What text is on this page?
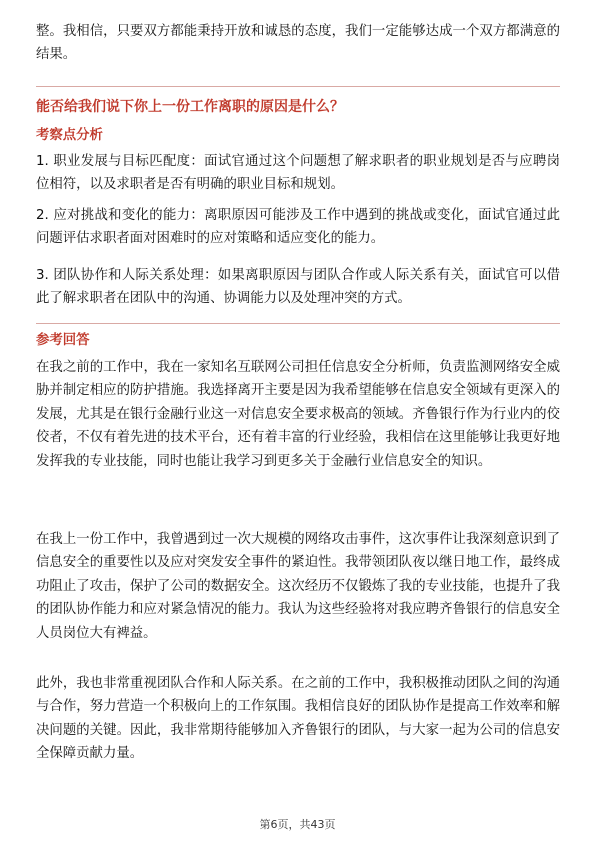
整。我相信，只要双方都能秉持开放和诚恳的态度，我们一定能够达成一个双方都满意的结果。

能否给我们说下你上一份工作离职的原因是什么？
考察点分析

1. 职业发展与目标匹配度：面试官通过这个问题想了解求职者的职业规划是否与应聘岗位相符，以及求职者是否有明确的职业目标和规划。

2. 应对挑战和变化的能力：离职原因可能涉及工作中遇到的挑战或变化，面试官通过此问题评估求职者面对困难时的应对策略和适应变化的能力。

3. 团队协作和人际关系处理：如果离职原因与团队合作或人际关系有关，面试官可以借此了解求职者在团队中的沟通、协调能力以及处理冲突的方式。

参考回答

在我之前的工作中，我在一家知名互联网公司担任信息安全分析师，负责监测网络安全威胁并制定相应的防护措施。我选择离开主要是因为我希望能够在信息安全领域有更深入的发展，尤其是在银行金融行业这一对信息安全要求极高的领域。齐鲁银行作为行业内的佼佼者，不仅有着先进的技术平台，还有着丰富的行业经验，我相信在这里能够让我更好地发挥我的专业技能，同时也能让我学习到更多关于金融行业信息安全的知识。

在我上一份工作中，我曾遇到过一次大规模的网络攻击事件，这次事件让我深刻意识到了信息安全的重要性以及应对突发安全事件的紧迫性。我带领团队夜以继日地工作，最终成功阻止了攻击，保护了公司的数据安全。这次经历不仅锻炼了我的专业技能，也提升了我的团队协作能力和应对紧急情况的能力。我认为这些经验将对我应聘齐鲁银行的信息安全人员岗位大有裨益。

此外，我也非常重视团队合作和人际关系。在之前的工作中，我积极推动团队之间的沟通与合作，努力营造一个积极向上的工作氛围。我相信良好的团队协作是提高工作效率和解决问题的关键。因此，我非常期待能够加入齐鲁银行的团队，与大家一起为公司的信息安全保障贡献力量。

第6页，共43页
